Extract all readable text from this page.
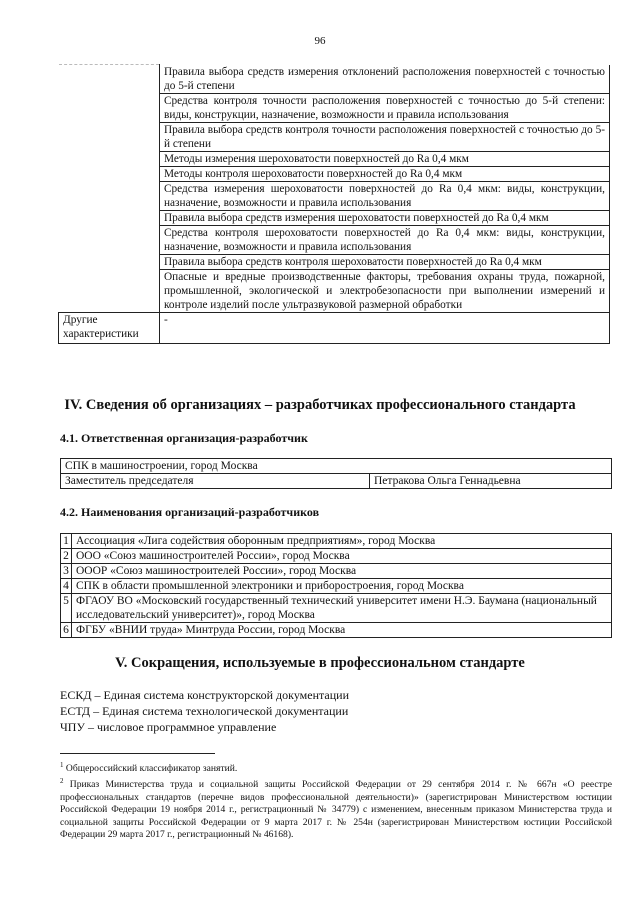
96
	Правила выбора средств измерения отклонений расположения поверхностей с точностью до 5-й степени
	Средства контроля точности расположения поверхностей с точностью до 5-й степени: виды, конструкции, назначение, возможности и правила использования
	Правила выбора средств контроля точности расположения поверхностей с точностью до 5-й степени
	Методы измерения шероховатости поверхностей до Ra 0,4 мкм
	Методы контроля шероховатости поверхностей до Ra 0,4 мкм
	Средства измерения шероховатости поверхностей до Ra 0,4 мкм: виды, конструкции, назначение, возможности и правила использования
	Правила выбора средств измерения шероховатости поверхностей до Ra 0,4 мкм
	Средства контроля шероховатости поверхностей до Ra 0,4 мкм: виды, конструкции, назначение, возможности и правила использования
	Правила выбора средств контроля шероховатости поверхностей до Ra 0,4 мкм
	Опасные и вредные производственные факторы, требования охраны труда, пожарной, промышленной, экологической и электробезопасности при выполнении измерений и контроле изделий после ультразвуковой размерной обработки
Другие характеристики	-
IV. Сведения об организациях – разработчиках профессионального стандарта
4.1. Ответственная организация-разработчик
СПК в машиностроении, город Москва
Заместитель председателя	Петракова Ольга Геннадьевна
4.2. Наименования организаций-разработчиков
1	Ассоциация «Лига содействия оборонным предприятиям», город Москва
2	ООО «Союз машиностроителей России», город Москва
3	ОООР «Союз машиностроителей России», город Москва
4	СПК в области промышленной электроники и приборостроения, город Москва
5	ФГАОУ ВО «Московский государственный технический университет имени Н.Э. Баумана (национальный исследовательский университет)», город Москва
6	ФГБУ «ВНИИ труда» Минтруда России, город Москва
V. Сокращения, используемые в профессиональном стандарте
ЕСКД – Единая система конструкторской документации
ЕСТД – Единая система технологической документации
ЧПУ – числовое программное управление
$^1$ Общероссийский классификатор занятий.
$^2$ Приказ Министерства труда и социальной защиты Российской Федерации от 29 сентября 2014 г. № 667н «О реестре профессиональных стандартов (перечне видов профессиональной деятельности)» (зарегистрирован Министерством юстиции Российской Федерации 19 ноября 2014 г., регистрационный № 34779) с изменением, внесенным приказом Министерства труда и социальной защиты Российской Федерации от 9 марта 2017 г. № 254н (зарегистрирован Министерством юстиции Российской Федерации 29 марта 2017 г., регистрационный № 46168).
